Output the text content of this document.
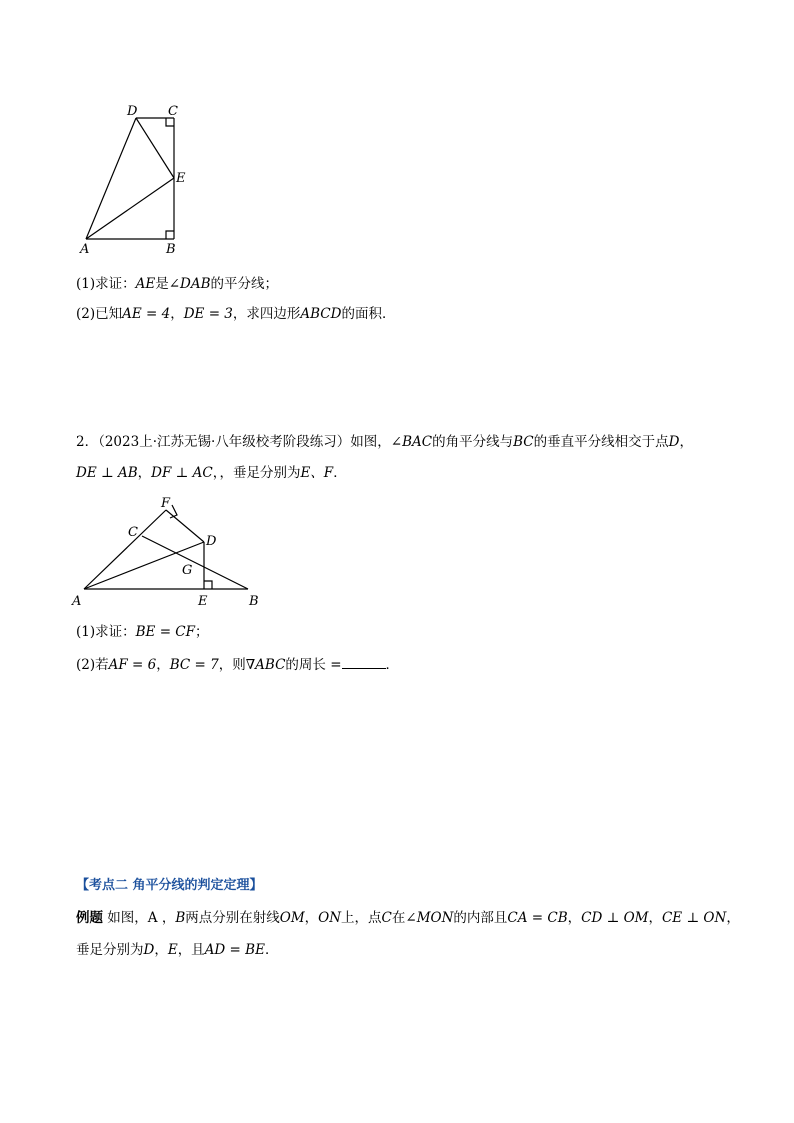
D C
E
A	B
(1)求证：AE是∠DAB的平分线；
(2)已知AE = 4，DE = 3，求四边形ABCD的面积．
2．（2023上·江苏无锡·八年级校考阶段练习）如图，∠BAC的角平分线与BC的垂直平分线相交于点D，
DE ⊥ AB，DF ⊥ AC，，垂足分别为E、F．
F
C
D
G
A	E	B
(1)求证：BE = CF；
(2)若AF = 6，BC = 7，则∇ABC的周长 =	．
【考点二 角平分线的判定定理】
例题 如图，A ，B两点分别在射线OM，ON上，点C在∠MON的内部且CA = CB，CD ⊥ OM，CE ⊥ ON，
垂足分别为D，E，且AD = BE．
